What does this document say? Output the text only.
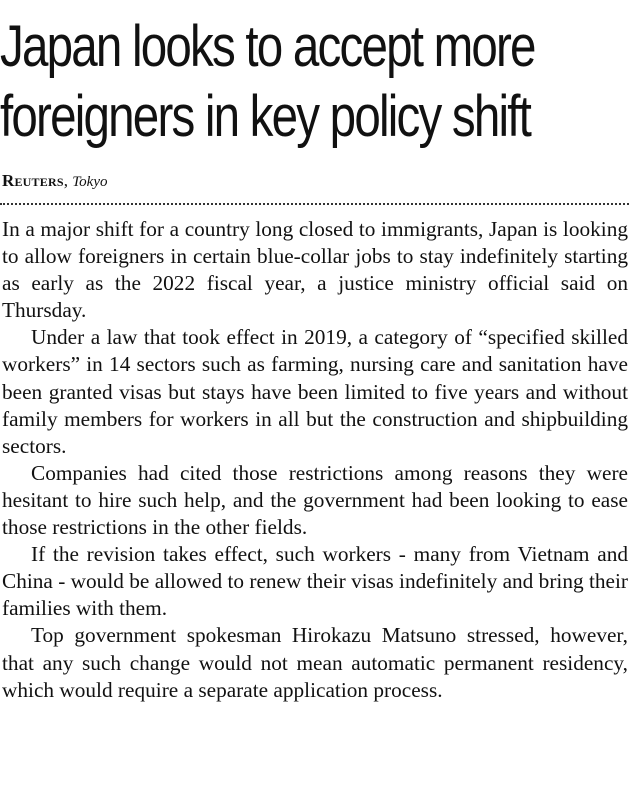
Japan looks to accept more
foreigners in key policy shift
Reuters, Tokyo

In a major shift for a country long closed to immigrants, Japan is looking to allow foreigners in certain blue-collar jobs to stay indefinitely starting as early as the 2022 fiscal year, a justice ministry official said on Thursday.

Under a law that took effect in 2019, a category of “specified skilled workers” in 14 sectors such as farming, nursing care and sanitation have been granted visas but stays have been limited to five years and without family members for workers in all but the construction and shipbuilding sectors.

Companies had cited those restrictions among reasons they were hesitant to hire such help, and the government had been looking to ease those restrictions in the other fields.

If the revision takes effect, such workers - many from Vietnam and China - would be allowed to renew their visas indefinitely and bring their families with them.

Top government spokesman Hirokazu Matsuno stressed, however, that any such change would not mean automatic permanent residency, which would require a separate application process.
